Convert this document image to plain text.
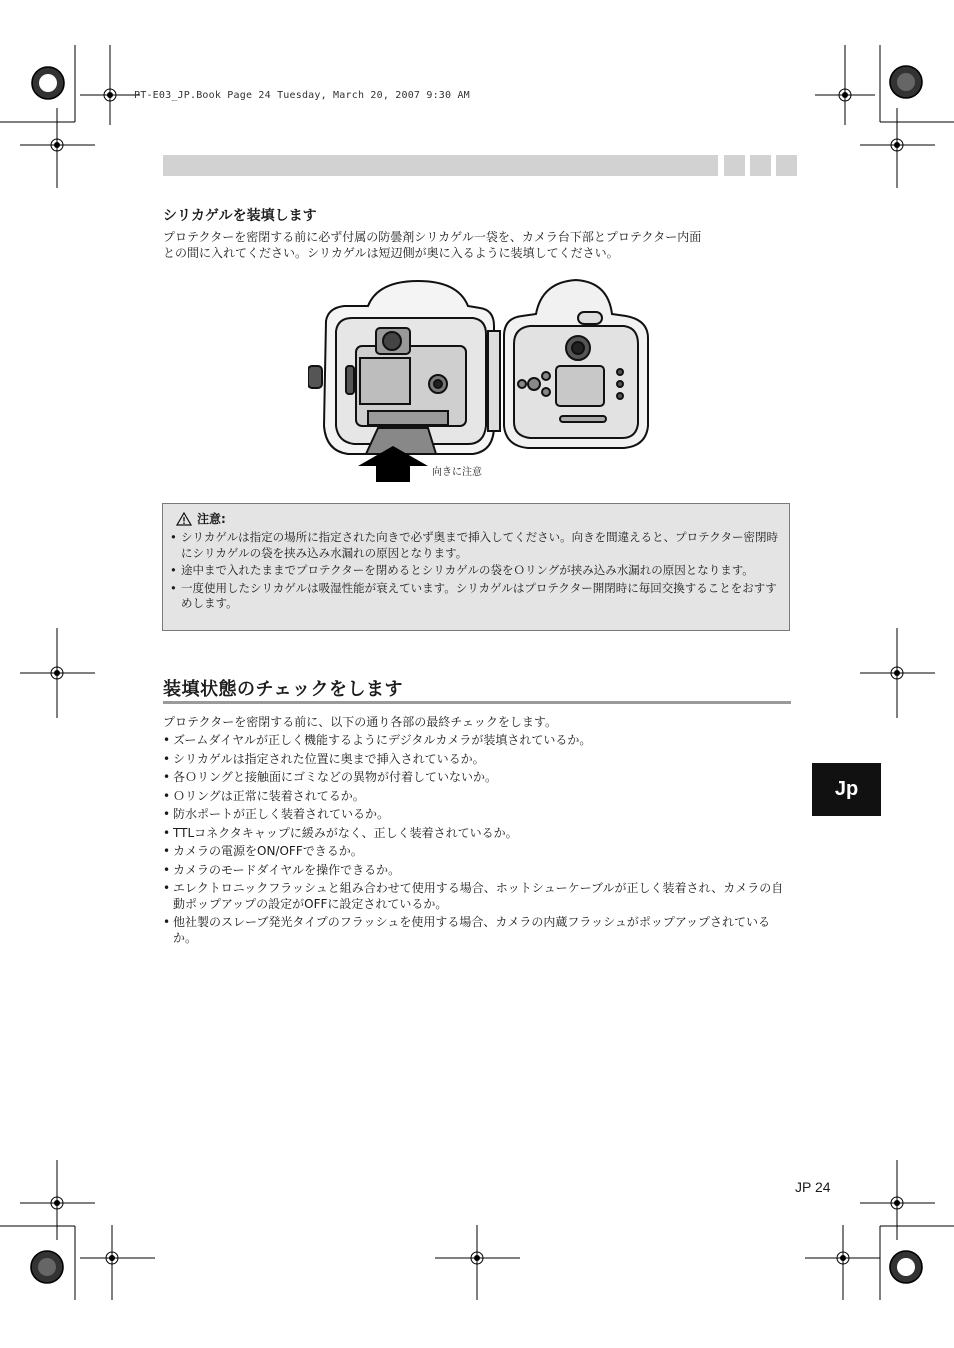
PT-E03_JP.Book Page 24 Tuesday, March 20, 2007 9:30 AM
シリカゲルを装填します
プロテクターを密閉する前に必ず付属の防曇剤シリカゲル一袋を、カメラ台下部とプロテクター内面
との間に入れてください。シリカゲルは短辺側が奥に入るように装填してください。
向きに注意
注意:
• シリカゲルは指定の場所に指定された向きで必ず奥まで挿入してください。向きを間違えると、プロテクター密閉時にシリカゲルの袋を挟み込み水漏れの原因となります。
• 途中まで入れたままでプロテクターを閉めるとシリカゲルの袋をＯリングが挟み込み水漏れの原因となります。
• 一度使用したシリカゲルは吸湿性能が衰えています。シリカゲルはプロテクター開閉時に毎回交換することをおすすめします。
装填状態のチェックをします
プロテクターを密閉する前に、以下の通り各部の最終チェックをします。
• ズームダイヤルが正しく機能するようにデジタルカメラが装填されているか。
• シリカゲルは指定された位置に奥まで挿入されているか。
• 各Ｏリングと接触面にゴミなどの異物が付着していないか。
• Ｏリングは正常に装着されてるか。
• 防水ポートが正しく装着されているか。
• TTLコネクタキャップに緩みがなく、正しく装着されているか。
• カメラの電源をON/OFFできるか。
• カメラのモードダイヤルを操作できるか。
• エレクトロニックフラッシュと組み合わせて使用する場合、ホットシューケーブルが正しく装着され、カメラの自動ポップアップの設定がOFFに設定されているか。
• 他社製のスレーブ発光タイプのフラッシュを使用する場合、カメラの内蔵フラッシュがポップアップされているか。
Jp
JP 24
